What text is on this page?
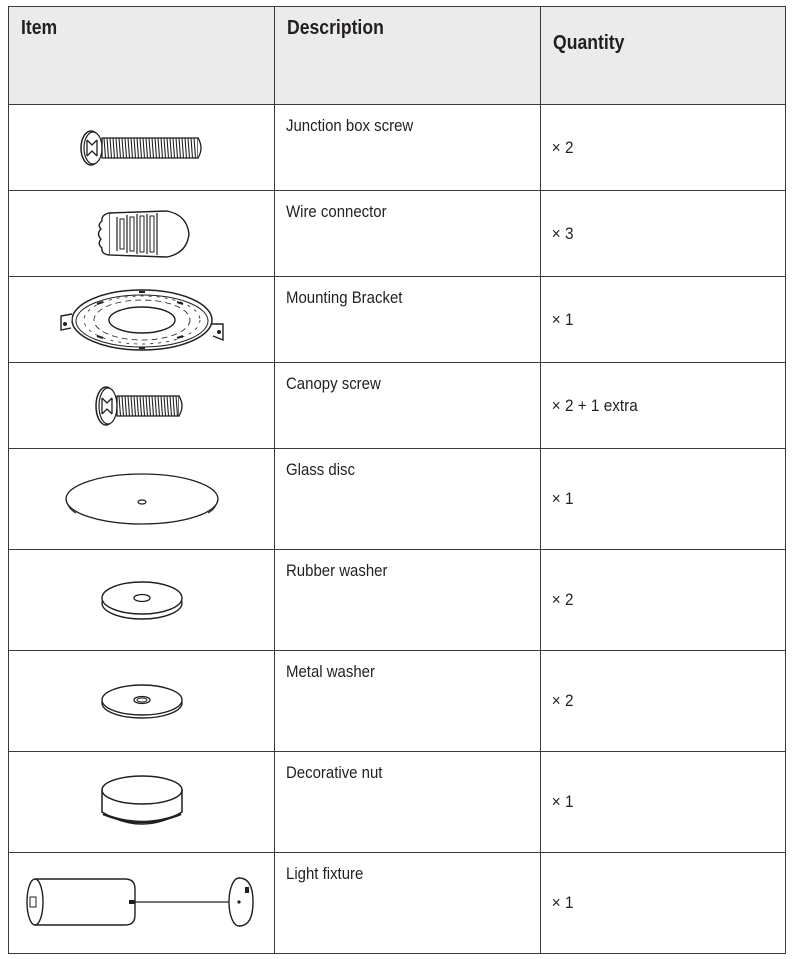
Item	Description	Quantity

Junction box screw	× 2

Wire connector	× 3

Mounting Bracket	× 1

Canopy screw	× 2 + 1 extra

Glass disc	× 1

Rubber washer	× 2

Metal washer	× 2

Decorative nut	× 1

Light fixture	× 1
